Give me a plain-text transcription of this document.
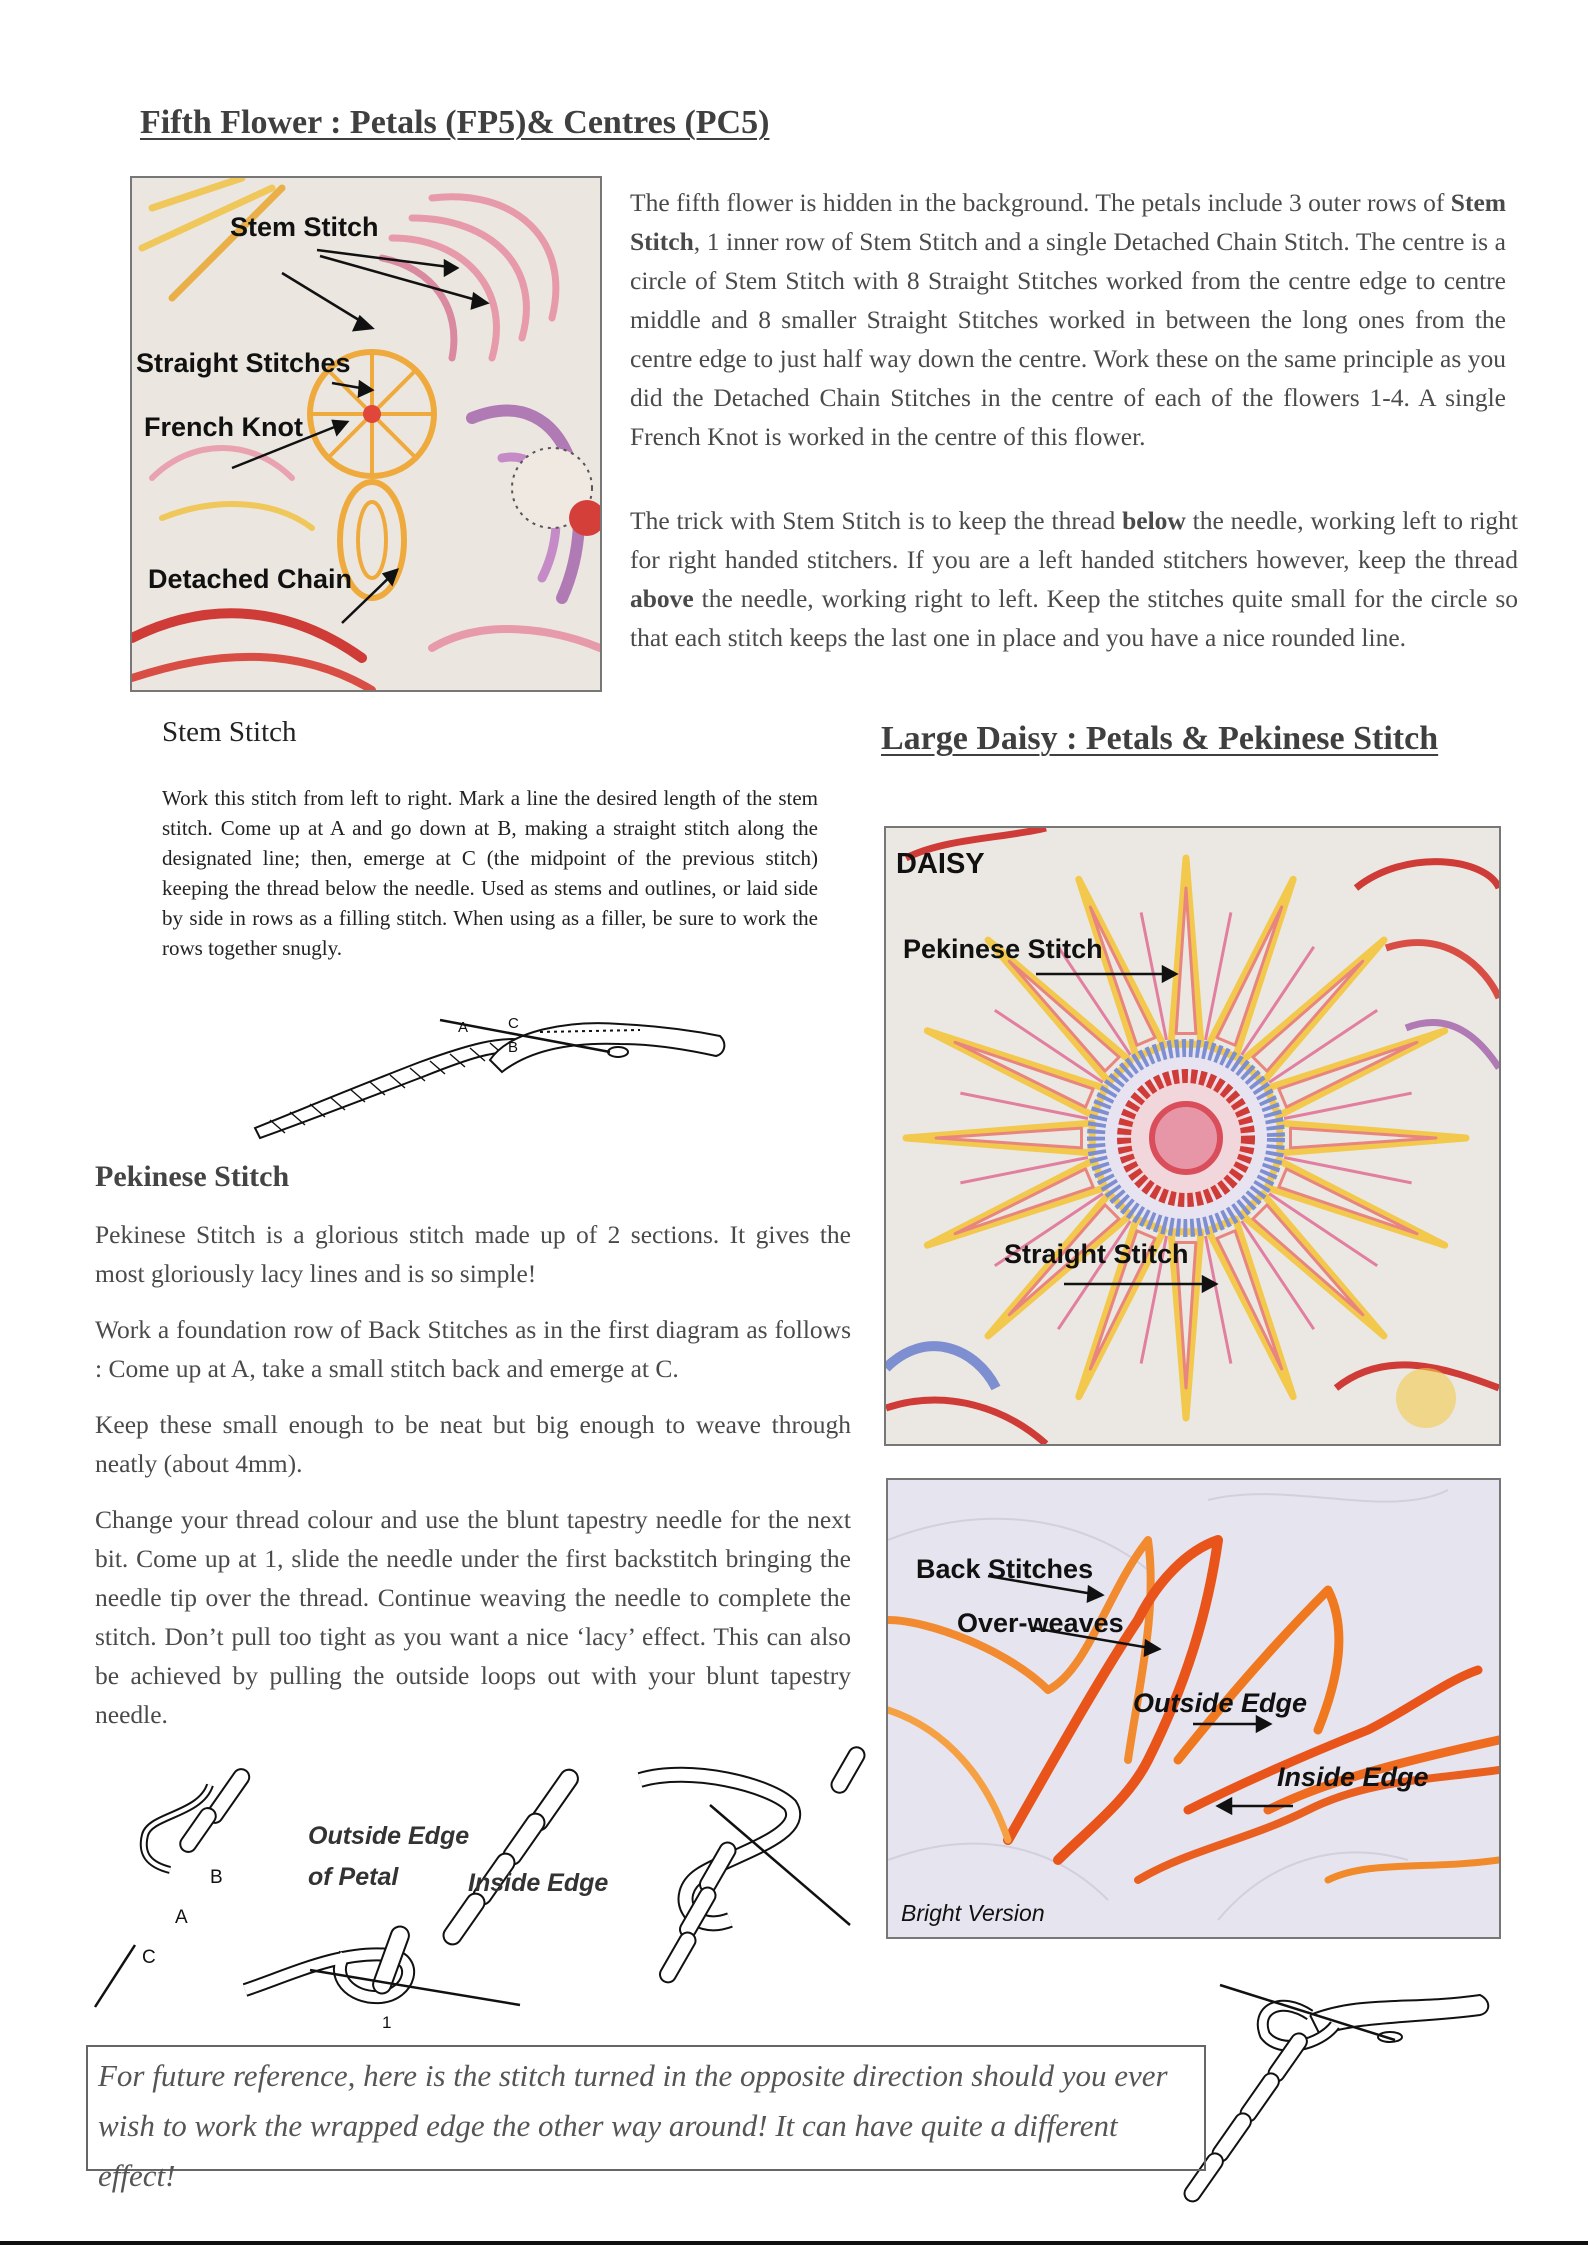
Fifth Flower : Petals (FP5)& Centres (PC5)
Stem Stitch
Straight Stitches
French Knot
Detached Chain
The fifth flower is hidden in the background. The petals include 3 outer rows of Stem Stitch, 1 inner row of Stem Stitch and a single Detached Chain Stitch. The centre is a circle of Stem Stitch with 8 Straight Stitches worked from the centre edge to centre middle and 8 smaller Straight Stitches worked in between the long ones from the centre edge to just half way down the centre. Work these on the same principle as you did the Detached Chain Stitches in the centre of each of the flowers 1-4. A single French Knot is worked in the centre of this flower.
The trick with Stem Stitch is to keep the thread below the needle, working left to right for right handed stitchers. If you are a left handed stitchers however, keep the thread above the needle, working right to left. Keep the stitches quite small for the circle so that each stitch keeps the last one in place and you have a nice rounded line.
Stem Stitch
Work this stitch from left to right. Mark a line the desired length of the stem stitch. Come up at A and go down at B, making a straight stitch along the designated line; then, emerge at C (the midpoint of the previous stitch) keeping the thread below the needle. Used as stems and outlines, or laid side by side in rows as a filling stitch. When using as a filler, be sure to work the rows together snugly.
A
B
C
Pekinese Stitch
Pekinese Stitch is a glorious stitch made up of 2 sections. It gives the most gloriously lacy lines and is so simple!
Work a foundation row of Back Stitches as in the first diagram as follows : Come up at A, take a small stitch back and emerge at C.
Keep these small enough to be neat but big enough to weave through neatly (about 4mm).
Change your thread colour and use the blunt tapestry needle for the next bit. Come up at 1, slide the needle under the first backstitch bringing the needle tip over the thread. Continue weaving the needle to complete the stitch. Don’t pull too tight as you want a nice ‘lacy’ effect. This can also be achieved by pulling the outside loops out with your blunt tapestry needle.
B
A
C
1
Outside Edge
of Petal	Inside Edge
Large Daisy : Petals & Pekinese Stitch
DAISY
Pekinese Stitch
Straight Stitch
Back Stitches
Over-weaves
Outside Edge
Inside Edge
Bright Version
For future reference, here is the stitch turned in the opposite direction should you ever wish to work the wrapped edge the other way around! It can have quite a different effect!
